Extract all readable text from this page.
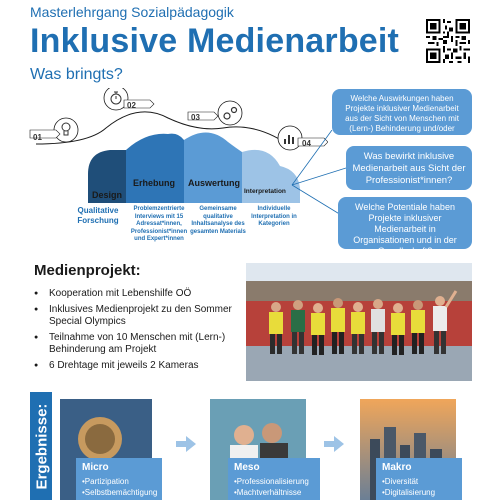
Masterlehrgang Sozialpädagogik
Inklusive Medienarbeit
Was bringts?
01
02
03
04
Design
Erhebung Auswertung
Interpretation
Qualitative Forschung
Problemzentrierte Interviews mit 15 Adressat*innen, Professionist*innen und Expert*innen
Gemeinsame qualitative Inhaltsanalyse des gesamten Materials
Individuelle Interpretation in Kategorien
Welche Auswirkungen haben Projekte inklusiver Medienarbeit aus der Sicht von Menschen mit (Lern-) Behinderung und/oder psychischer Erkrankung?
Was bewirkt inklusive Medienarbeit aus Sicht der Professionist*innen?
Welche Potentiale haben Projekte inklusiver Medienarbeit in Organisationen und in der Gesellschaft?
Medienprojekt:
● Kooperation mit Lebenshilfe OÖ
● Inklusives Medienprojekt zu den Sommer Special Olympics
● Teilnahme von 10 Menschen mit (Lern-) Behinderung am Projekt
● 6 Drehtage mit jeweils 2 Kameras
Ergebnisse:	Micro
•Partizipation
•Selbstbemächtigung
Meso
•Professionalisierung
•Machtverhältnisse
Makro
•Diversität
•Digitalisierung
